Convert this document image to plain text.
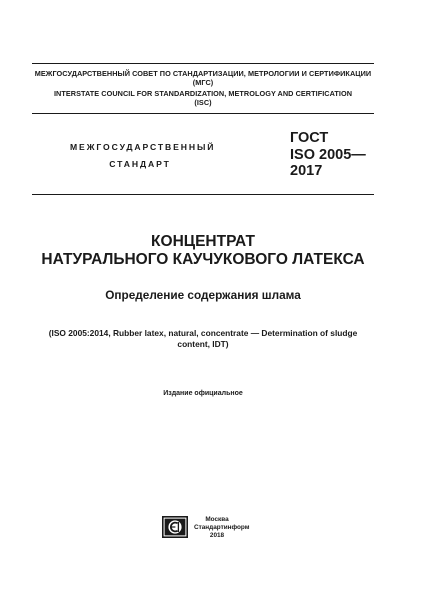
МЕЖГОСУДАРСТВЕННЫЙ СОВЕТ ПО СТАНДАРТИЗАЦИИ, МЕТРОЛОГИИ И СЕРТИФИКАЦИИ
(МГС)
INTERSTATE COUNCIL FOR STANDARDIZATION, METROLOGY AND CERTIFICATION
(ISC)
МЕЖГОСУДАРСТВЕННЫЙ
СТАНДАРТ
ГОСТ
ISO 2005—
2017
КОНЦЕНТРАТ
НАТУРАЛЬНОГО КАУЧУКОВОГО ЛАТЕКСА
Определение содержания шлама
(ISO 2005:2014, Rubber latex, natural, concentrate — Determination of sludge
content, IDT)
Издание официальное
Москва
Стандартинформ
2018
